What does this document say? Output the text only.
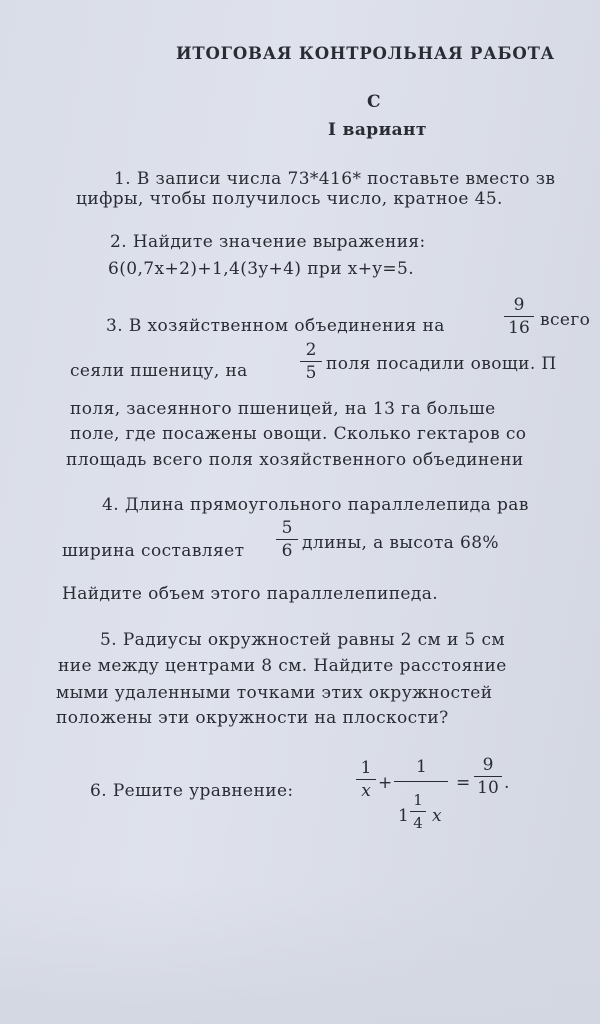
ИТОГОВАЯ КОНТРОЛЬНАЯ РАБОТА
С
I вариант
1. В записи числа 73*416* поставьте вместо зв
цифры, чтобы получилось число, кратное 45.
2. Найдите значение выражения:
6(0,7x+2)+1,4(3y+4) при x+y=5.
3. В хозяйственном объединения на
9
16 всего
сеяли пшеницу, на
2
5 поля посадили овощи. П
поля, засеянного пшеницей, на 13 га больше
поле, где посажены овощи. Сколько гектаров со
площадь всего поля хозяйственного объединени
4. Длина прямоугольного параллелепида рав
ширина составляет
5
6 длины, а высота 68%
Найдите объем этого параллелепипеда.
5. Радиусы окружностей равны 2 см и 5 см
ние между центрами 8 см. Найдите расстояние
мыми удаленными точками этих окружностей
положены эти окружности на плоскости?
6. Решите уравнение:
1
x +
1
1
1
4 x
=
9
10 .
